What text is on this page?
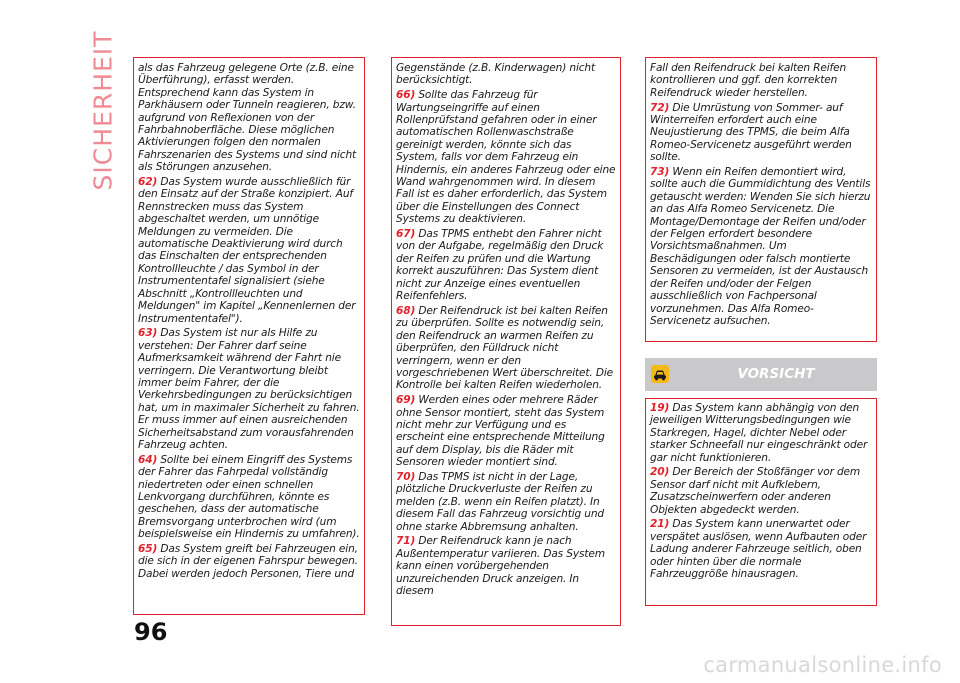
SICHERHEIT als das Fahrzeug gelegene Orte (z.B. eine Überführung), erfasst werden. Entsprechend kann das System in Parkhäusern oder Tunneln reagieren, bzw. aufgrund von Reflexionen von der Fahrbahnoberfläche. Diese möglichen Aktivierungen folgen den normalen Fahrszenarien des Systems und sind nicht als Störungen anzusehen.

62) Das System wurde ausschließlich für den Einsatz auf der Straße konzipiert. Auf Rennstrecken muss das System abgeschaltet werden, um unnötige Meldungen zu vermeiden. Die automatische Deaktivierung wird durch das Einschalten der entsprechenden Kontrollleuchte / das Symbol in der Instrumententafel signalisiert (siehe Abschnitt „Kontrollleuchten und Meldungen" im Kapitel „Kennenlernen der Instrumententafel").

63) Das System ist nur als Hilfe zu verstehen: Der Fahrer darf seine Aufmerksamkeit während der Fahrt nie verringern. Die Verantwortung bleibt immer beim Fahrer, der die Verkehrsbedingungen zu berücksichtigen hat, um in maximaler Sicherheit zu fahren. Er muss immer auf einen ausreichenden Sicherheitsabstand zum vorausfahrenden Fahrzeug achten.

64) Sollte bei einem Eingriff des Systems der Fahrer das Fahrpedal vollständig niedertreten oder einen schnellen Lenkvorgang durchführen, könnte es geschehen, dass der automatische Bremsvorgang unterbrochen wird (um beispielsweise ein Hindernis zu umfahren).

65) Das System greift bei Fahrzeugen ein, die sich in der eigenen Fahrspur bewegen. Dabei werden jedoch Personen, Tiere und

Gegenstände (z.B. Kinderwagen) nicht berücksichtigt.

66) Sollte das Fahrzeug für Wartungseingriffe auf einen Rollenprüfstand gefahren oder in einer automatischen Rollenwaschstraße gereinigt werden, könnte sich das System, falls vor dem Fahrzeug ein Hindernis, ein anderes Fahrzeug oder eine Wand wahrgenommen wird. In diesem Fall ist es daher erforderlich, das System über die Einstellungen des Connect Systems zu deaktivieren.

67) Das TPMS enthebt den Fahrer nicht von der Aufgabe, regelmäßig den Druck der Reifen zu prüfen und die Wartung korrekt auszuführen: Das System dient nicht zur Anzeige eines eventuellen Reifenfehlers.

68) Der Reifendruck ist bei kalten Reifen zu überprüfen. Sollte es notwendig sein, den Reifendruck an warmen Reifen zu überprüfen, den Fülldruck nicht verringern, wenn er den vorgeschriebenen Wert überschreitet. Die Kontrolle bei kalten Reifen wiederholen.

69) Werden eines oder mehrere Räder ohne Sensor montiert, steht das System nicht mehr zur Verfügung und es erscheint eine entsprechende Mitteilung auf dem Display, bis die Räder mit Sensoren wieder montiert sind.

70) Das TPMS ist nicht in der Lage, plötzliche Druckverluste der Reifen zu melden (z.B. wenn ein Reifen platzt). In diesem Fall das Fahrzeug vorsichtig und ohne starke Abbremsung anhalten.

71) Der Reifendruck kann je nach Außentemperatur variieren. Das System kann einen vorübergehenden unzureichenden Druck anzeigen. In diesem

Fall den Reifendruck bei kalten Reifen kontrollieren und ggf. den korrekten Reifendruck wieder herstellen.

72) Die Umrüstung von Sommer- auf Winterreifen erfordert auch eine Neujustierung des TPMS, die beim Alfa Romeo-Servicenetz ausgeführt werden sollte.

73) Wenn ein Reifen demontiert wird, sollte auch die Gummidichtung des Ventils getauscht werden: Wenden Sie sich hierzu an das Alfa Romeo Servicenetz. Die Montage/Demontage der Reifen und/oder der Felgen erfordert besondere Vorsichtsmaßnahmen. Um Beschädigungen oder falsch montierte Sensoren zu vermeiden, ist der Austausch der Reifen und/oder der Felgen ausschließlich von Fachpersonal vorzunehmen. Das Alfa Romeo-Servicenetz aufsuchen.

VORSICHT

19) Das System kann abhängig von den jeweiligen Witterungsbedingungen wie Starkregen, Hagel, dichter Nebel oder starker Schneefall nur eingeschränkt oder gar nicht funktionieren.

20) Der Bereich der Stoßfänger vor dem Sensor darf nicht mit Aufklebern, Zusatzscheinwerfern oder anderen Objekten abgedeckt werden.

21) Das System kann unerwartet oder verspätet auslösen, wenn Aufbauten oder Ladung anderer Fahrzeuge seitlich, oben oder hinten über die normale Fahrzeuggröße hinausragen.

96
carmanualsonline.info
